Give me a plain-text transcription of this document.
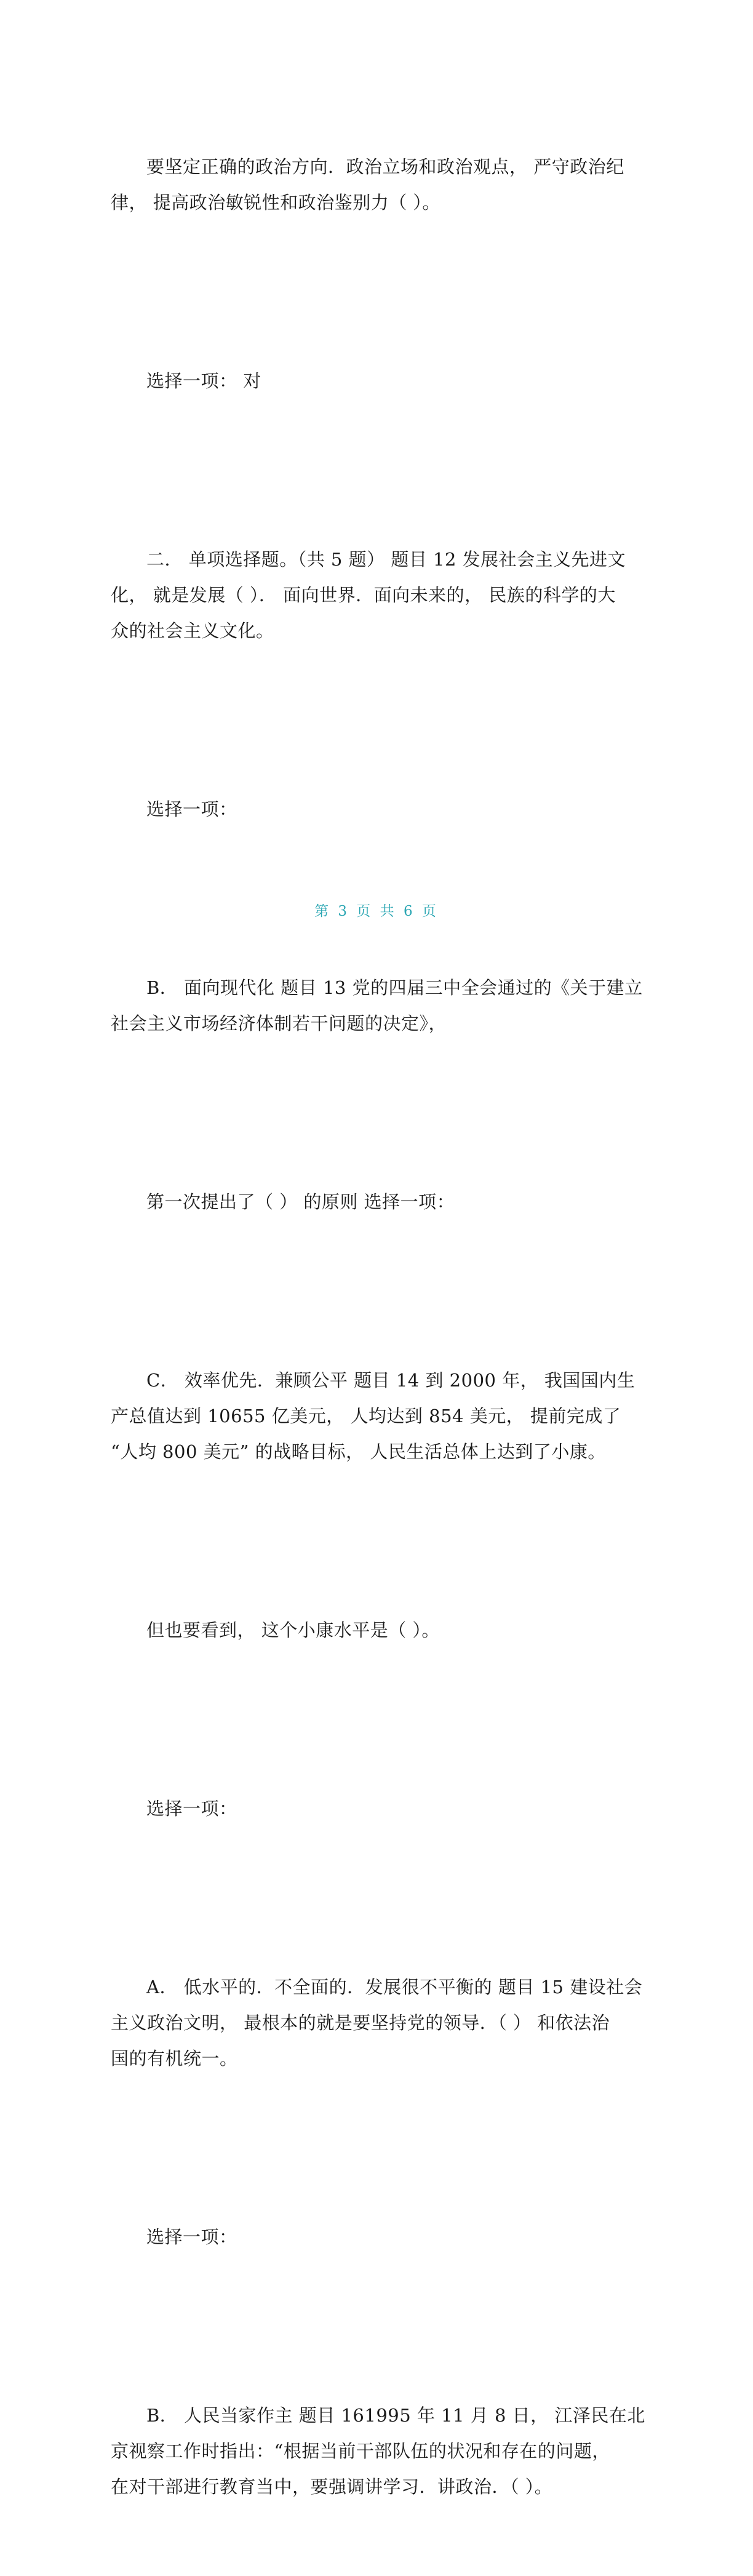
要坚定正确的政治方向．政治立场和政治观点， 严守政治纪
律， 提高政治敏锐性和政治鉴别力（ ）。

选择一项： 对

二． 单项选择题。（共 5 题） 题目 12 发展社会主义先进文
化， 就是发展（ ）． 面向世界．面向未来的， 民族的科学的大
众的社会主义文化。

选择一项：

B． 面向现代化 题目 13 党的四届三中全会通过的《关于建立
社会主义市场经济体制若干问题的决定》，

第一次提出了（ ） 的原则 选择一项：

C． 效率优先．兼顾公平 题目 14 到 2000 年， 我国国内生
产总值达到 10655 亿美元， 人均达到 854 美元， 提前完成了
“人均 800 美元” 的战略目标， 人民生活总体上达到了小康。

但也要看到， 这个小康水平是（ ）。

选择一项：

A． 低水平的．不全面的．发展很不平衡的 题目 15 建设社会
主义政治文明， 最根本的就是要坚持党的领导．（ ） 和依法治
国的有机统一。

选择一项：

B． 人民当家作主 题目 161995 年 11 月 8 日， 江泽民在北
京视察工作时指出：“根据当前干部队伍的状况和存在的问题，
在对干部进行教育当中，要强调讲学习．讲政治．（ ）。

第 3 页 共 6 页
